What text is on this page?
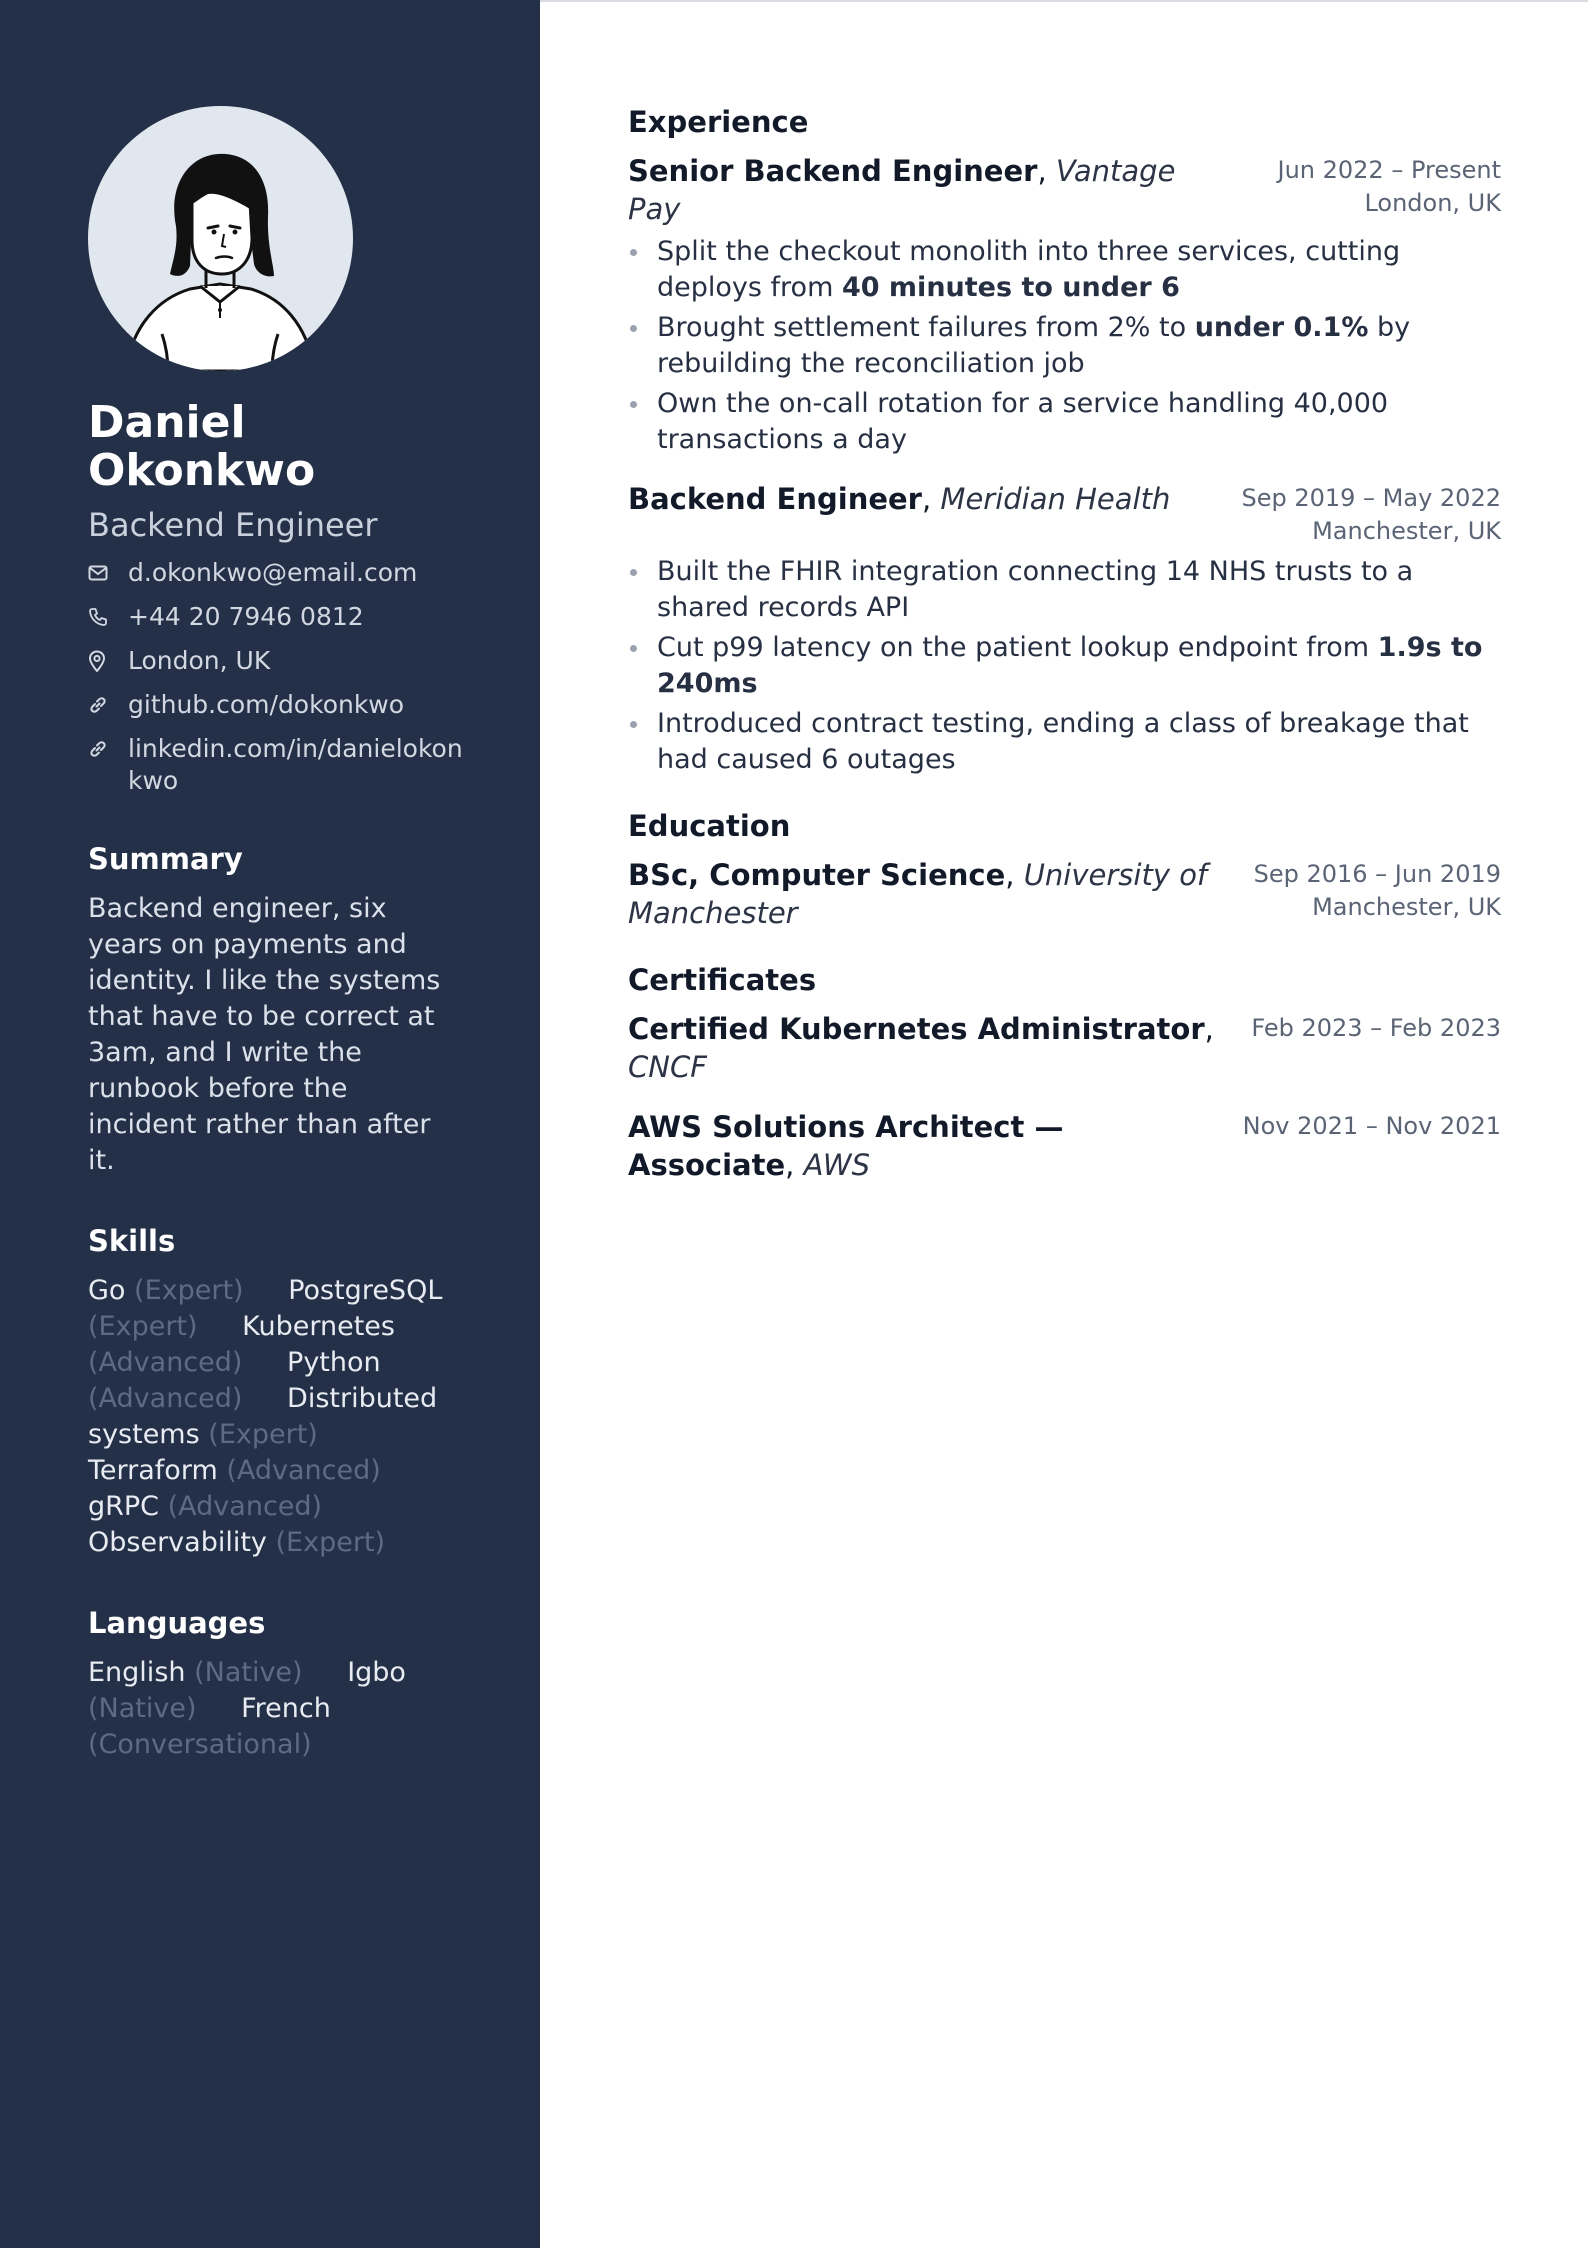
Daniel Okonkwo
Backend Engineer
d.okonkwo@email.com
+44 20 7946 0812
London, UK
github.com/dokonkwo
linkedin.com/in/danielokonkwo
Summary
Backend engineer, six years on payments and identity. I like the systems that have to be correct at 3am, and I write the runbook before the incident rather than after it.
Skills
Go (Expert) PostgreSQL (Expert) Kubernetes (Advanced) Python (Advanced) Distributed systems (Expert) Terraform (Advanced) gRPC (Advanced) Observability (Expert)
Languages
English (Native) Igbo (Native) French (Conversational)
Experience
Senior Backend Engineer, Vantage Pay
Jun 2022 – Present
London, UK
Split the checkout monolith into three services, cutting deploys from 40 minutes to under 6
Brought settlement failures from 2% to under 0.1% by rebuilding the reconciliation job
Own the on-call rotation for a service handling 40,000 transactions a day
Backend Engineer, Meridian Health	Sep 2019 – May 2022
Manchester, UK
Built the FHIR integration connecting 14 NHS trusts to a shared records API
Cut p99 latency on the patient lookup endpoint from 1.9s to 240ms
Introduced contract testing, ending a class of breakage that had caused 6 outages
Education
BSc, Computer Science, University of Manchester
Sep 2016 – Jun 2019
Manchester, UK
Certificates
Certified Kubernetes Administrator, CNCF
Feb 2023 – Feb 2023
AWS Solutions Architect — Associate, AWS
Nov 2021 – Nov 2021
